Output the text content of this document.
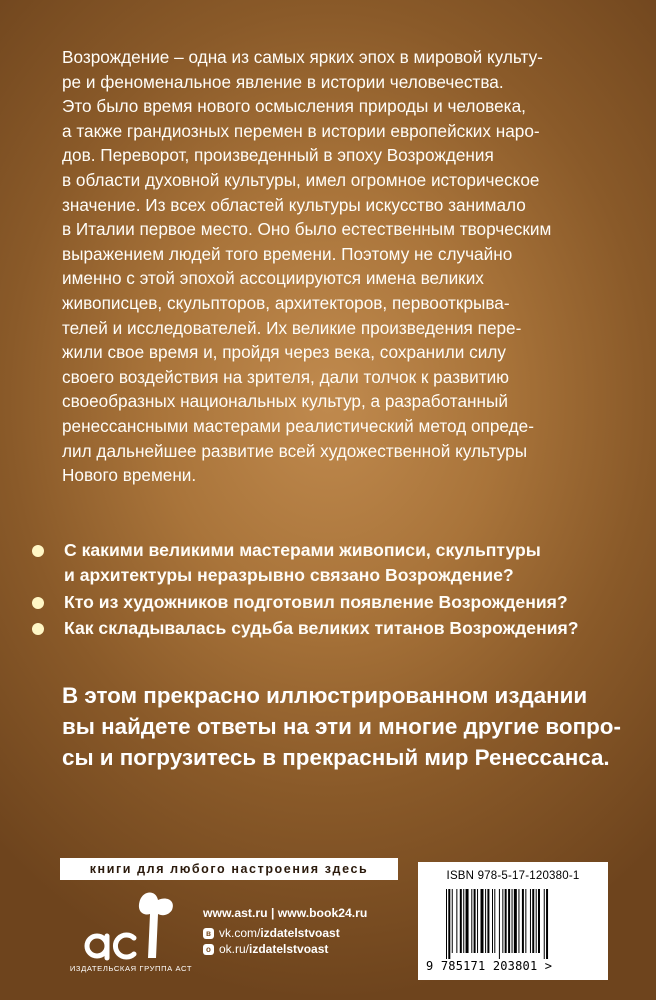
Возрождение – одна из самых ярких эпох в мировой культу-
ре и феноменальное явление в истории человечества.
Это было время нового осмысления природы и человека,
а также грандиозных перемен в истории европейских наро-
дов. Переворот, произведенный в эпоху Возрождения
в области духовной культуры, имел огромное историческое
значение. Из всех областей культуры искусство занимало
в Италии первое место. Оно было естественным творческим
выражением людей того времени. Поэтому не случайно
именно с этой эпохой ассоциируются имена великих
живописцев, скульпторов, архитекторов, первооткрыва-
телей и исследователей. Их великие произведения пере-
жили свое время и, пройдя через века, сохранили силу
своего воздействия на зрителя, дали толчок к развитию
своеобразных национальных культур, а разработанный
ренессансными мастерами реалистический метод опреде-
лил дальнейшее развитие всей художественной культуры
Нового времени.
С какими великими мастерами живописи, скульптуры
и архитектуры неразрывно связано Возрождение?
Кто из художников подготовил появление Возрождения?
Как складывалась судьба великих титанов Возрождения?
В этом прекрасно иллюстрированном издании
вы найдете ответы на эти и многие другие вопро-
сы и погрузитесь в прекрасный мир Ренессанса.
книги для любого настроения здесь
ИЗДАТЕЛЬСКАЯ ГРУППА АСТ
www.ast.ru | www.book24.ru
в vk.com/izdatelstvoast
о ok.ru/izdatelstvoast
ISBN 978-5-17-120380-1
9 785171 203801 >
